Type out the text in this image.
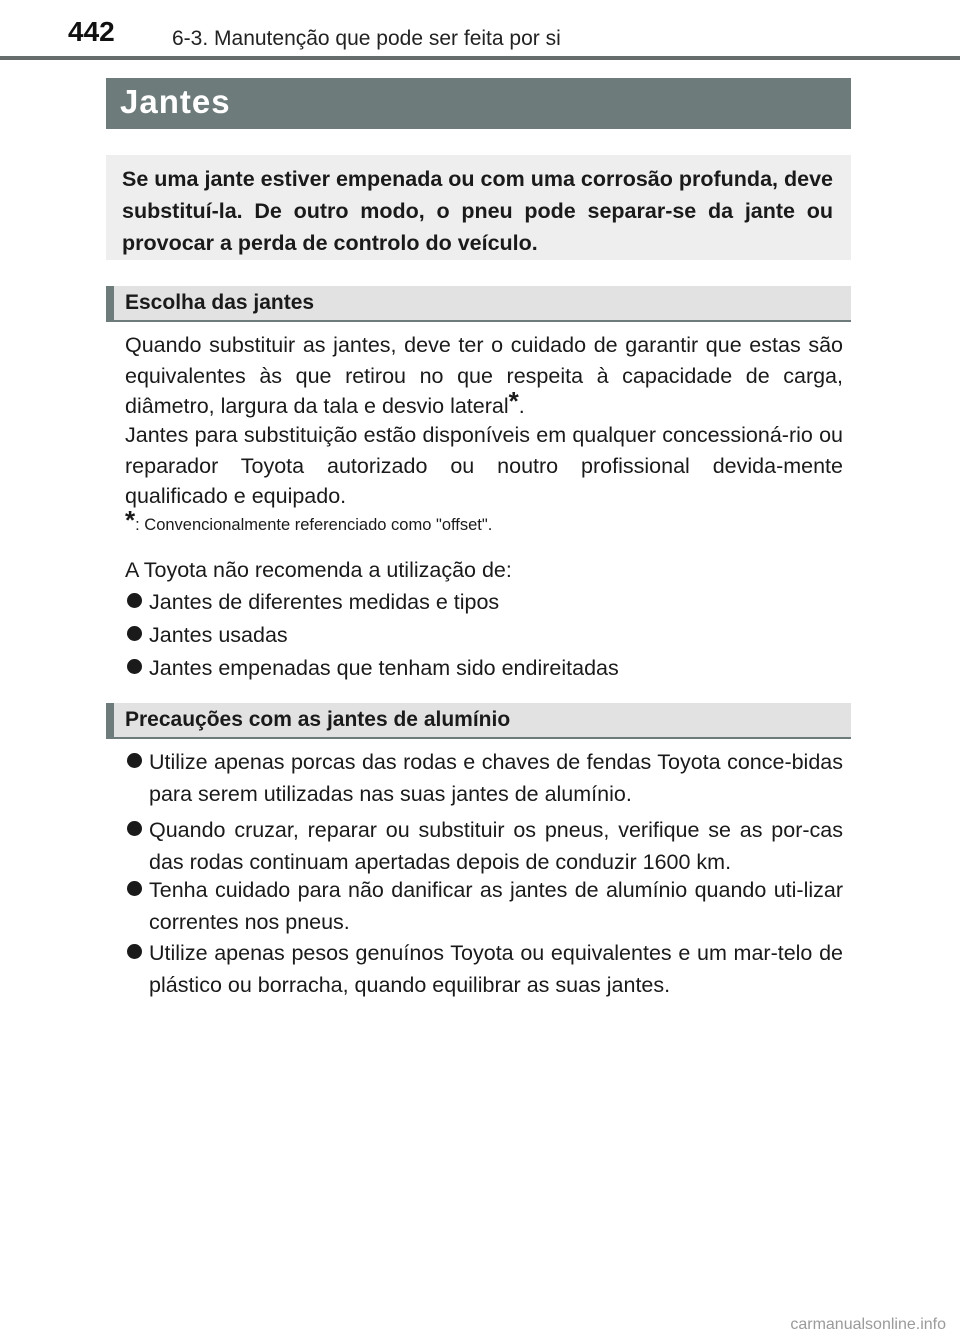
442	6-3. Manutenção que pode ser feita por si
Jantes

Se uma jante estiver empenada ou com uma corrosão profunda, deve substituí-la. De outro modo, o pneu pode separar-se da jante ou provocar a perda de controlo do veículo.

Escolha das jantes

Quando substituir as jantes, deve ter o cuidado de garantir que estas são equivalentes às que retirou no que respeita à capacidade de carga, diâmetro, largura da tala e desvio lateral*.

Jantes para substituição estão disponíveis em qualquer concessioná-rio ou reparador Toyota autorizado ou noutro profissional devida-mente qualificado e equipado.

*: Convencionalmente referenciado como "offset".

A Toyota não recomenda a utilização de:

Jantes de diferentes medidas e tipos
Jantes usadas
Jantes empenadas que tenham sido endireitadas
Precauções com as jantes de alumínio
Utilize apenas porcas das rodas e chaves de fendas Toyota conce-bidas para serem utilizadas nas suas jantes de alumínio.
Quando cruzar, reparar ou substituir os pneus, verifique se as por-cas das rodas continuam apertadas depois de conduzir 1600 km.
Tenha cuidado para não danificar as jantes de alumínio quando uti-lizar correntes nos pneus.
Utilize apenas pesos genuínos Toyota ou equivalentes e um mar-telo de plástico ou borracha, quando equilibrar as suas jantes.
carmanualsonline.info
